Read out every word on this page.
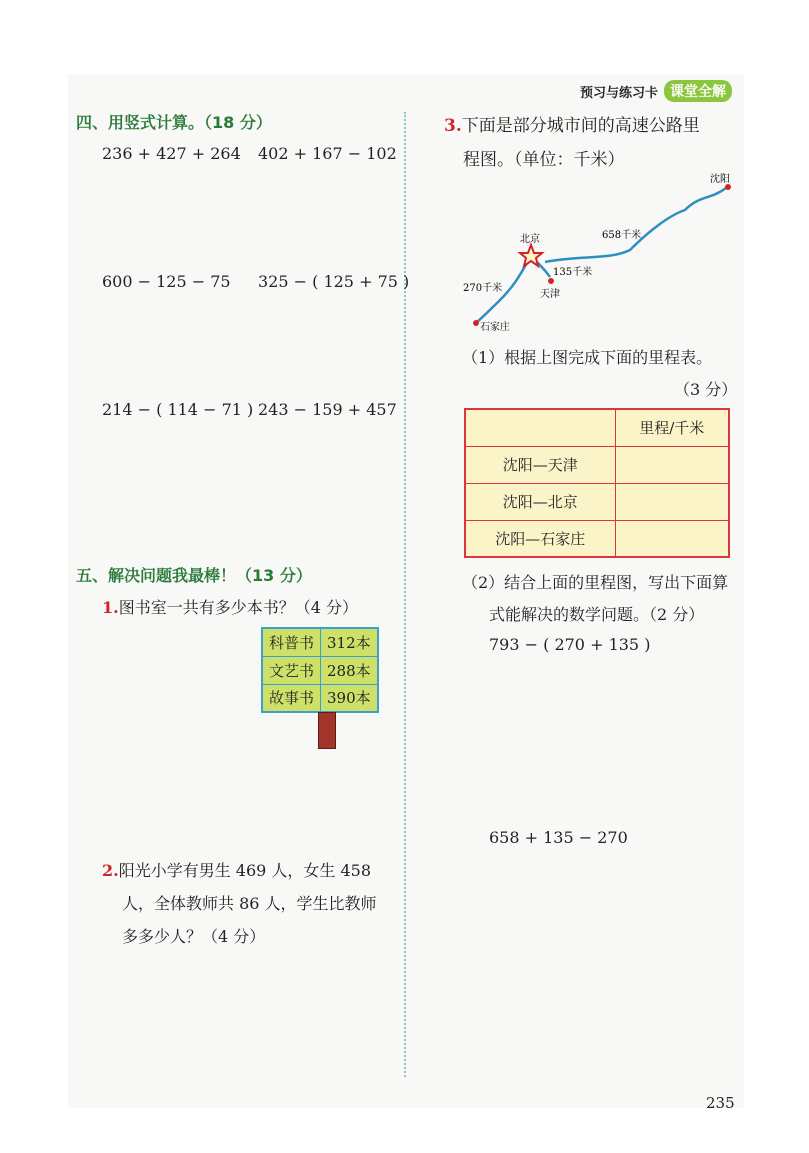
预习与练习卡 课堂全解
四、用竖式计算。（18 分）
236 + 427 + 264 402 + 167 − 102
600 − 125 − 75 325 − ( 125 + 75 )
214 − ( 114 − 71 ) 243 − 159 + 457
五、解决问题我最棒！（13 分）
1.图书室一共有多少本书？（4 分）
科普书	312本
文艺书	288本
故事书	390本
2.阳光小学有男生 469 人，女生 458
人，全体教师共 86 人，学生比教师
多多少人？（4 分）
3.下面是部分城市间的高速公路里
程图。（单位：千米）
沈阳
北京
天津
石家庄
658千米
135千米
270千米
（1）根据上图完成下面的里程表。
（3 分）
	里程/千米
沈阳—天津	
沈阳—北京	
沈阳—石家庄	
（2）结合上面的里程图，写出下面算
式能解决的数学问题。（2 分）
793 − ( 270 + 135 )
658 + 135 − 270
235
